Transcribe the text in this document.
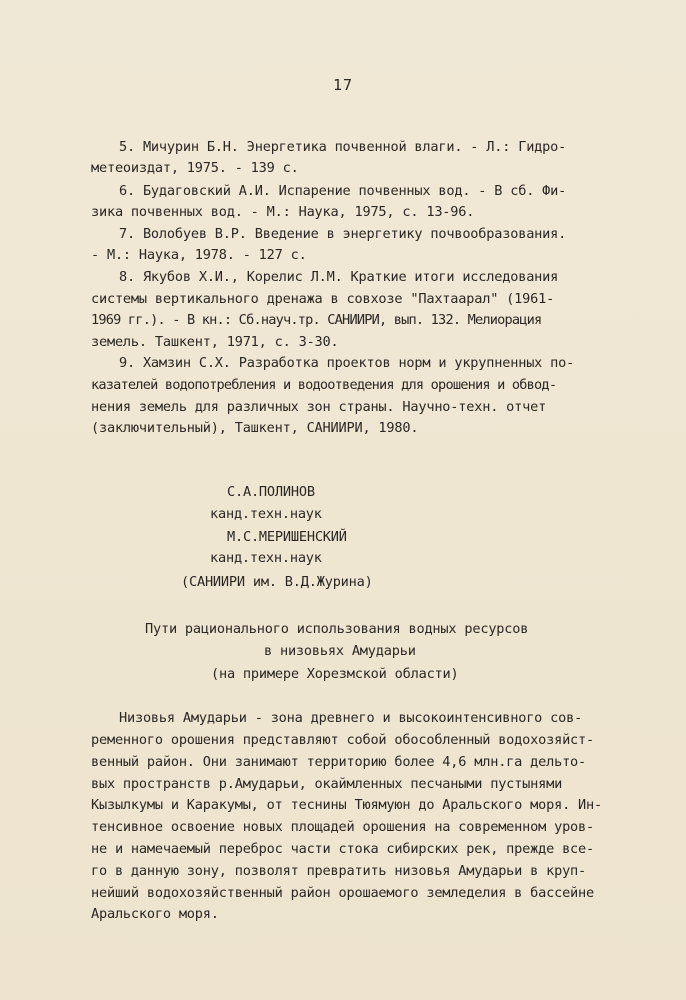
17
5. Мичурин Б.Н. Энергетика почвенной влаги. - Л.: Гидро-
метеоиздат, 1975. - 139 с.
6. Будаговский А.И. Испарение почвенных вод. - В сб. Фи-
зика почвенных вод. - М.: Наука, 1975, с. 13-96.
7. Волобуев В.Р. Введение в энергетику почвообразования.
- М.: Наука, 1978. - 127 с.
8. Якубов Х.И., Корелис Л.М. Краткие итоги исследования
системы вертикального дренажа в совхозе "Пахтаарал" (1961-
1969 гг.). - В кн.: Сб.науч.тр. САНИИРИ, вып. 132. Мелиорация
земель. Ташкент, 1971, с. 3-30.
9. Хамзин С.Х. Разработка проектов норм и укрупненных по-
казателей водопотребления и водоотведения для орошения и обвод-
нения земель для различных зон страны. Научно-техн. отчет
(заключительный), Ташкент, САНИИРИ, 1980.
С.А.ПОЛИНОВ
канд.техн.наук
М.С.МЕРИШЕНСКИЙ
канд.техн.наук
(САНИИРИ им. В.Д.Журина)
Пути рационального использования водных ресурсов
в низовьях Амударьи
(на примере Хорезмской области)
Низовья Амударьи - зона древнего и высокоинтенсивного сов-
ременного орошения представляют собой обособленный водохозяйст-
венный район. Они занимают территорию более 4,6 млн.га дельто-
вых пространств р.Амударьи, окаймленных песчаными пустынями
Кызылкумы и Каракумы, от теснины Тюямуюн до Аральского моря. Ин-
тенсивное освоение новых площадей орошения на современном уров-
не и намечаемый переброс части стока сибирских рек, прежде все-
го в данную зону, позволят превратить низовья Амударьи в круп-
нейший водохозяйственный район орошаемого земледелия в бассейне
Аральского моря.
